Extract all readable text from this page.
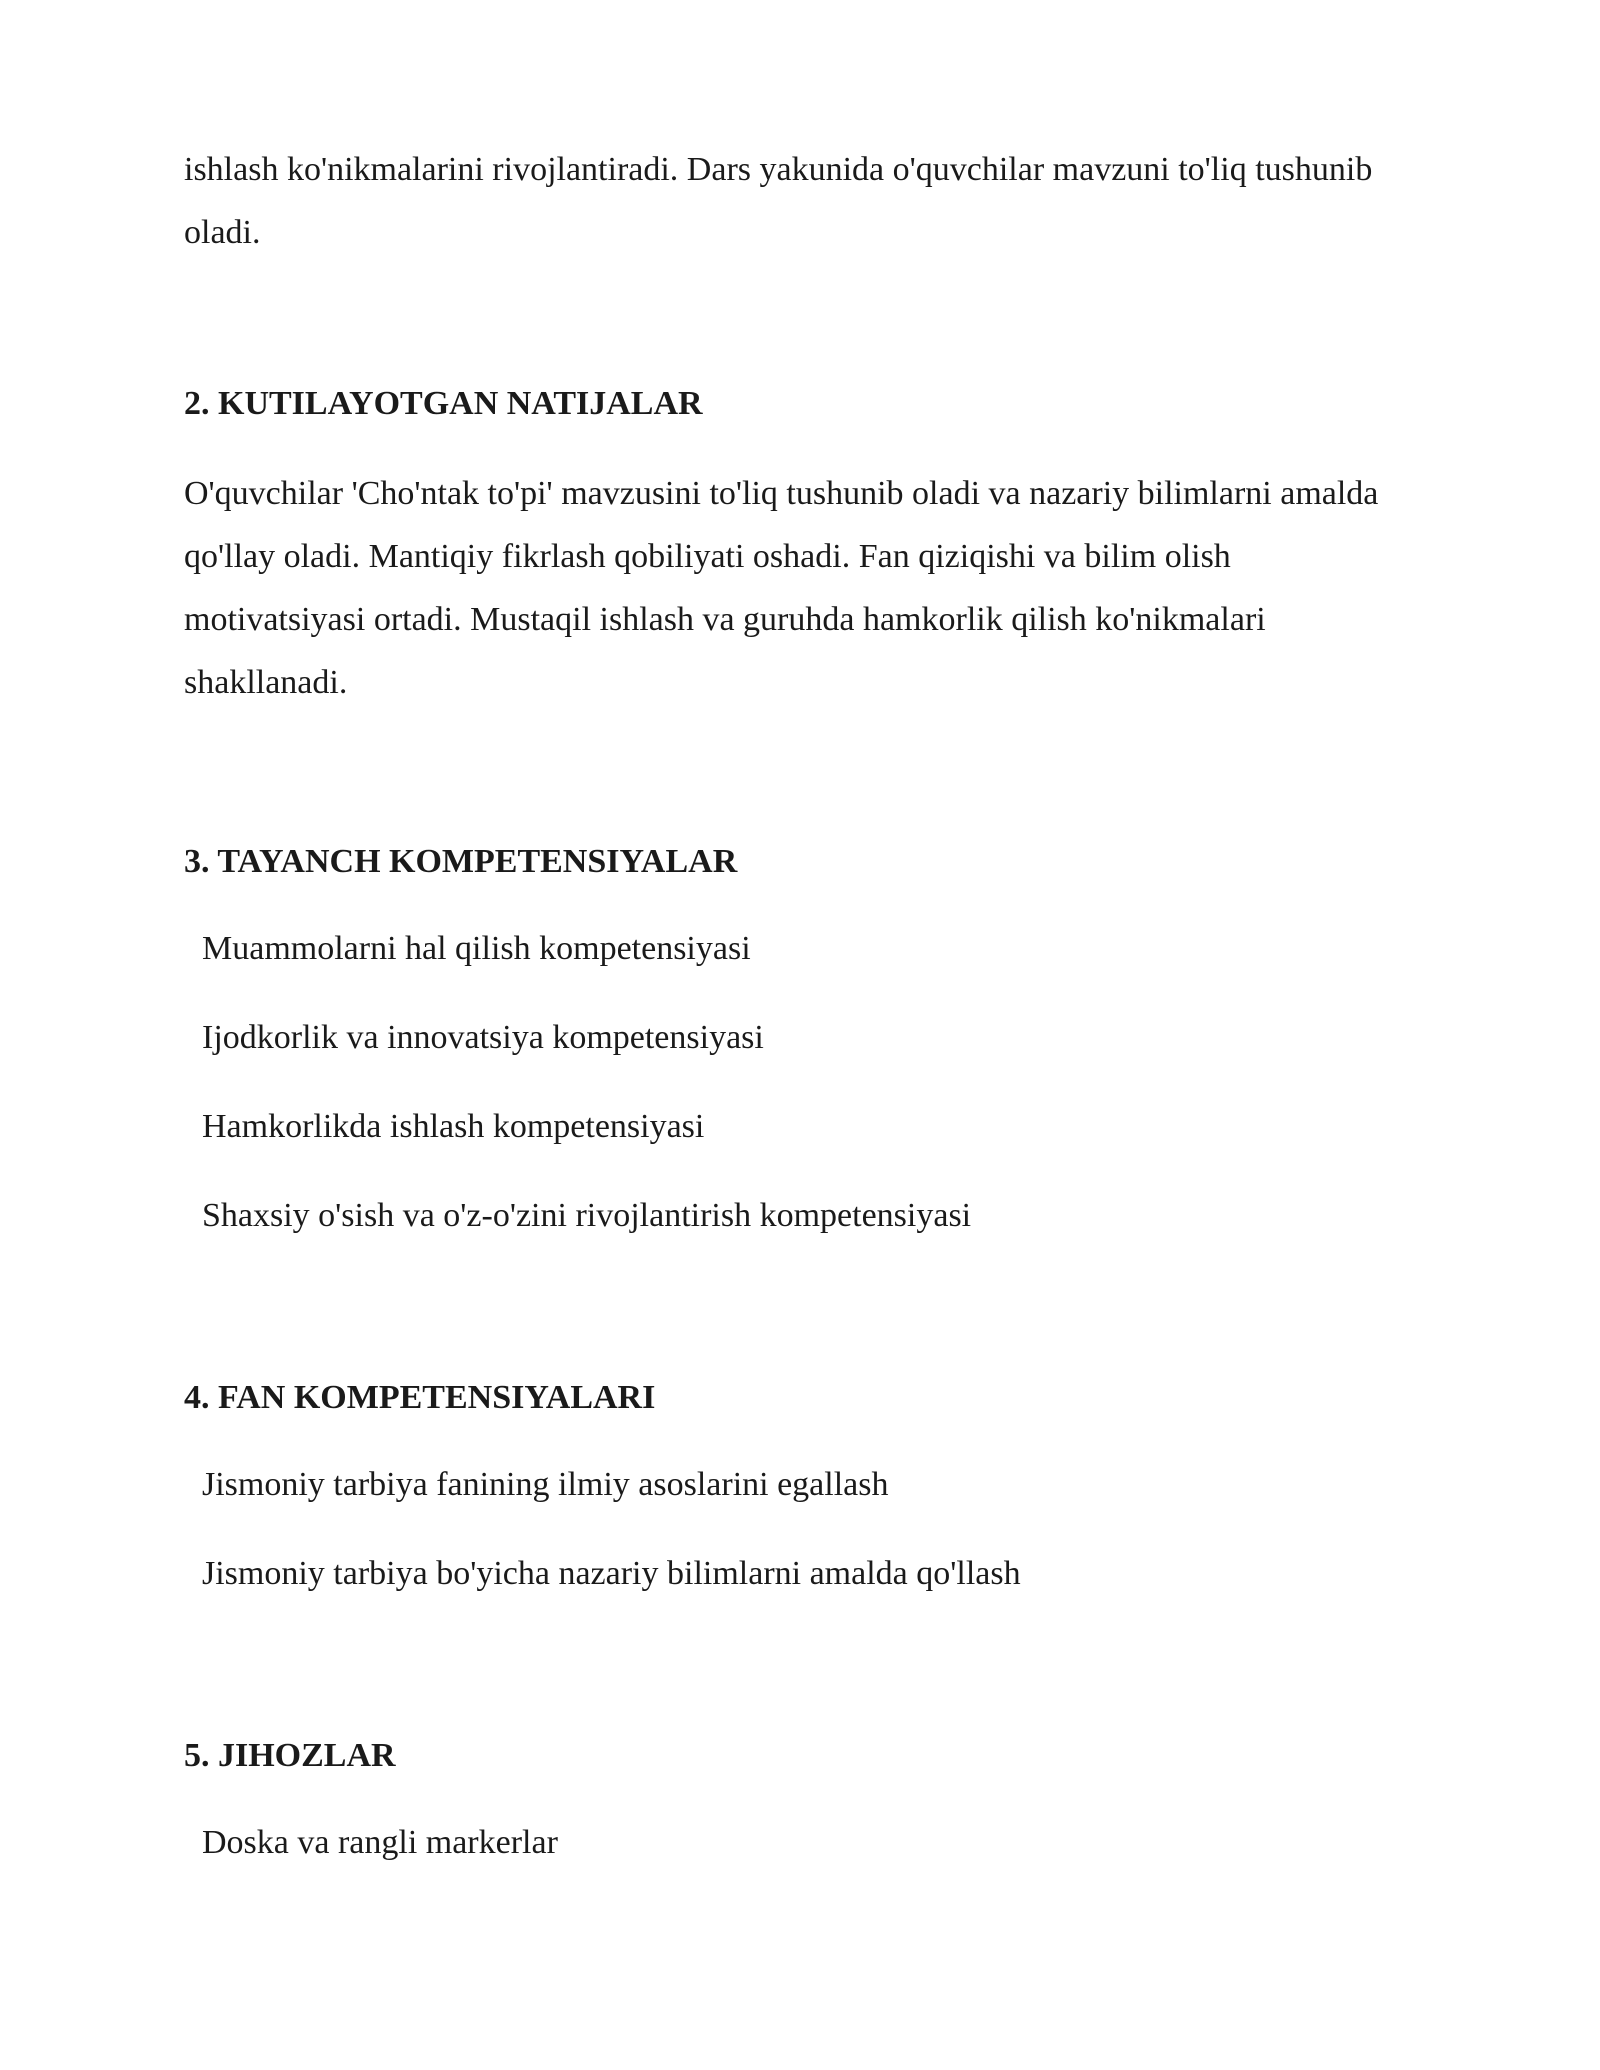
ishlash ko'nikmalarini rivojlantiradi. Dars yakunida o'quvchilar mavzuni to'liq tushunib oladi.

2. KUTILAYOTGAN NATIJALAR

O'quvchilar 'Cho'ntak to'pi' mavzusini to'liq tushunib oladi va nazariy bilimlarni amalda qo'llay oladi. Mantiqiy fikrlash qobiliyati oshadi. Fan qiziqishi va bilim olish motivatsiyasi ortadi. Mustaqil ishlash va guruhda hamkorlik qilish ko'nikmalari shakllanadi.

3. TAYANCH KOMPETENSIYALAR
Muammolarni hal qilish kompetensiyasi
Ijodkorlik va innovatsiya kompetensiyasi
Hamkorlikda ishlash kompetensiyasi
Shaxsiy o'sish va o'z-o'zini rivojlantirish kompetensiyasi
4. FAN KOMPETENSIYALARI
Jismoniy tarbiya fanining ilmiy asoslarini egallash
Jismoniy tarbiya bo'yicha nazariy bilimlarni amalda qo'llash
5. JIHOZLAR
Doska va rangli markerlar
